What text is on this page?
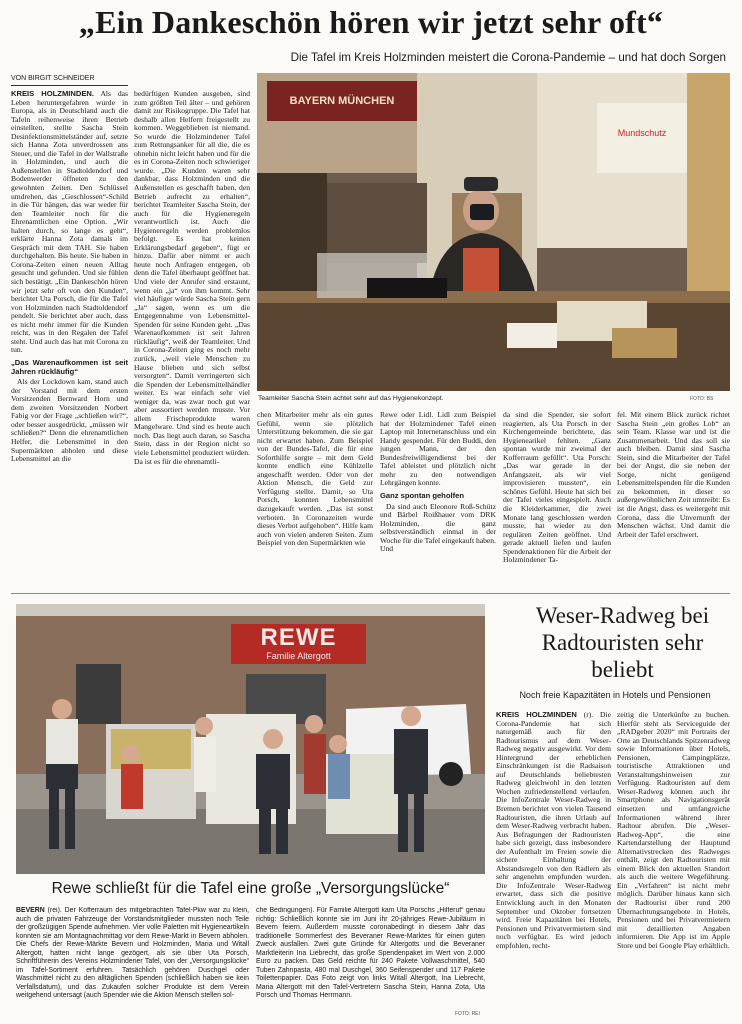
„Ein Dankeschön hören wir jetzt sehr oft“
Die Tafel im Kreis Holzminden meistert die Corona-Pandemie – und hat doch Sorgen
VON BIRGIT SCHNEIDER
BAYERN MÜNCHEN
Mundschutz
Teamleiter Sascha Stein achtet sehr auf das Hygienekonzept.	FOTO: BS

KREIS HOLZMINDEN. Als das Leben heruntergefahren wurde in Europa, als in Deutschland auch die Tafeln reihenweise ihren Betrieb einstellten, stellte Sascha Stein Desinfektionsmittelständer auf, setzte sich Hanna Zota unverdrossen ans Steuer, und die Tafel in der Wallstraße in Holzminden, und auch die Außenstellen in Stadtoldendorf und Bodenwerder öffneten zu den gewohnten Zeiten. Den Schlüssel umdrehen, das „Geschlossen“-Schild in die Tür hängen, das war weder für den Teamleiter noch für die Ehrenamtlichen eine Option. „Wir halten durch, so lange es geht“, erklärte Hanna Zota damals im Gespräch mit dem TAH. Sie haben durchgehalten. Bis heute. Sie haben in Corona-Zeiten einen neuen Alltag gesucht und gefunden. Und sie fühlen sich bestätigt. „Ein Dankeschön hören wir jetzt sehr oft von den Kunden“, berichtet Uta Porsch, die für die Tafel von Holzminden nach Stadtoldendorf pendelt. Sie berichtet aber auch, dass es nicht mehr immer für die Kunden reicht, was in den Regalen der Tafel steht. Und auch das hat mit Corona zu tun.

„Das Warenaufkommen ist seit Jahren rückläufig“

Als der Lockdown kam, stand auch der Vorstand mit dem ersten Vorsitzenden Bernward Horn und dem zweiten Vorsitzenden Norbert Fabig vor der Frage „schließen wir?“, oder besser ausgedrückt, „müssen wir schließen?“ Denn die ehrenamtlichen Helfer, die Lebensmittel in den Supermärkten abholen und diese Lebensmittel an die

bedürftigen Kunden ausgeben, sind zum größten Teil älter – und gehören damit zur Risikogruppe. Die Tafel hat deshalb allen Helfern freigestellt zu kommen. Weggeblieben ist niemand. So wurde die Holzmindener Tafel zum Rettungsanker für all die, die es ohnehin nicht leicht haben und für die es in Corona-Zeiten noch schwieriger wurde. „Die Kunden waren sehr dankbar, dass Holzminden und die Außenstellen es geschafft haben, den Betrieb aufrecht zu erhalten“, berichtet Teamleiter Sascha Stein, der auch für die Hygieneregeln verantwortlich ist. Auch die Hygieneregeln werden problemlos befolgt. Es hat keinen Erklärungsbedarf gegeben“, fügt er hinzu. Dafür aber nimmt er auch heute noch Anfragen entgegen, ob denn die Tafel überhaupt geöffnet hat. Und viele der Anrufer sind erstaunt, wenn ein „ja“ von ihm kommt. Sehr viel häufiger würde Sascha Stein gern „Ja“ sagen, wenn es um die Entgegennahme von Lebensmittel-Spenden für seine Kunden geht. „Das Warenaufkommen ist seit Jahren rückläufig“, weiß der Teamleiter. Und in Corona-Zeiten ging es noch mehr zurück, „weil viele Menschen zu Hause blieben und sich selbst versorgten“. Damit verringerten sich die Spenden der Lebensmittelhändler weiter. Es war einfach sehr viel weniger da, was zwar noch gut war aber aussortiert werden musste. Vor allem Frischeprodukte waren Mangelware. Und sind es heute auch noch. Das liegt auch daran, so Sascha Stein, dass in der Region nicht so viele Lebensmittel produziert würden. Da ist es für die ehrenamtli-

chen Mitarbeiter mehr als ein gutes Gefühl, wenn sie plötzlich Unterstützung bekommen, die sie gar nicht erwartet haben. Zum Beispiel von der Bundes-Tafel, die für eine Soforthilfe sorgte – mit dem Geld konnte endlich eine Kühlzelle angeschafft werden. Oder von der Aktion Mensch, die Geld zur Verfügung stellte. Damit, so Uta Porsch, konnten Lebensmittel dazugekauft werden. „Das ist sonst verboten. In Coronazeiten wurde dieses Verbot aufgehoben“. Hilfe kam auch von vielen anderen Seiten. Zum Beispiel von den Supermärkten wie

Rewe oder Lidl. Lidl zum Beispiel hat der Holzmindener Tafel einen Laptop mit Internetanschluss und ein Handy gespendet. Für den Buddi, den jungen Mann, der den Bundesfreiwilligendienst bei der Tafel ableistet und plötzlich nicht mehr zu den notwendigen Lehrgängen konnte.

Ganz spontan geholfen

Da sind auch Eleonore Roß-Schütz und Bärbel Roißhauer vom DRK Holzminden, die ganz selbstverständlich einmal in der Woche für die Tafel eingekauft haben. Und

da sind die Spender, sie sofort reagierten, als Uta Porsch in der Kirchengemeinde berichtete, das Hygienearikel fehlten. „Ganz spontan wurde mir zweimal der Kofferraum gefüllt“. Uta Porsch: „Das war gerade in der Anfangszeit, als wir viel improvisieren mussten“, ein schönes Gefühl. Heute hat sich bei der Tafel vieles eingespielt. Auch die Kleiderkammer, die zwei Monate lang geschlossen werden musste, hat wieder zu den regulären Zeiten geöffnet. Und gerade aktuell liefen und laufen Spendenaktionen für die Arbeit der Holzmindener Ta-

fel. Mit einem Blick zurück richtet Sascha Stein „ein großes Lob“ an sein Team. Klasse war und ist die Zusammenarbeit. Und das soll sie auch bleiben. Damit sind Sascha Stein, sind die Mitarbeiter der Tafel bei der Angst, die sie neben der Sorge, nicht genügend Lebensmittelspenden für die Kunden zu bekommen, in dieser so außergewöhnlichen Zeit umtreibt: Es ist die Angst, dass es weitergeht mit Corona, dass die Unvernunft der Menschen wächst. Und damit die Arbeit der Tafel erschwert.

REWE
Familie Altergott
Rewe schließt für die Tafel eine große „Versorgungslücke“

BEVERN (rei). Der Kofferraum des mitgebrachten Tafel-Pkw war zu klein, auch die privaten Fahrzeuge der Vorstandsmitglieder mussten noch Teile der großzügigen Spende aufnehmen. Vier volle Paletten mit Hygieneartikeln konnten sie am Montagnachmittag vor dem Rewe-Markt in Bevern abholen. Die Chefs der Rewe-Märkte Bevern und Holzminden, Maria und Witall Altergott, hatten nicht lange gezögert, als sie über Uta Porsch, Schriftführerin des Vereins Holzmindener Tafel, von der „Versorgungslücke“ im Tafel-Sortiment erfuhren. Tatsächlich gehören Duschgel oder Waschmittel nicht zu den alltäglichen Spenden (schließlich haben sie kein Verfallsdatum), und das Zukaufen solcher Produkte ist dem Verein weitgehend untersagt (auch Spender wie die Aktion Mensch stellen sol-

che Bedingungen). Für Familie Altergott kam Uta Porschs „Hilferuf“ genau richtig: Schließlich konnte sie im Juni ihr 20-jähriges Rewe-Jubiläum in Bevern feiern. Außerdem musste coronabedingt in diesem Jahr das traditionelle Sommerfest des Beveraner Rewe-Marktes für einen guten Zweck ausfallen. Zwei gute Gründe für Altergotts und die Beveraner Marktleiterin Ina Liebrecht, das große Spendenpaket im Wert von 2.000 Euro zu packen. Das Geld reichte für 240 Pakete Vollwaschmittel, 540 Tuben Zahnpasta, 480 mal Duschgel, 360 Seifenspender und 117 Pakete Toilettenpapier. Das Foto zeigt von links Witall Altergott, Ina Liebrecht, Maria Altergott mit den Tafel-Vertretern Sascha Stein, Hanna Zota, Uta Porsch und Thomas Herrmann.

FOTO: REI
Weser-Radweg bei Radtouristen sehr beliebt
Noch freie Kapazitäten in Hotels und Pensionen

KREIS HOLZMINDEN (r). Die Corona-Pandemie hat sich naturgemäß auch für den Radtourismus auf dem Weser-Radweg negativ ausgewirkt. Vor dem Hintergrund der erheblichen Einschränkungen ist die Radsaison auf Deutschlands beliebtesten Radweg gleichwohl in den letzten Wochen zufriedenstellend verlaufen. Die InfoZentrale Weser-Radweg in Bremen berichtet von vielen Tausend Radtouristen, die ihren Urlaub auf dem Weser-Radweg verbracht haben. Aus Befragungen der Radtouristen habe sich gezeigt, dass insbesondere der Aufenthalt im Freien sowie die sichere Einhaltung der Abstandsregeln von den Radlern als sehr angenehm empfunden wurden. Die InfoZentrale Weser-Radweg erwartet, dass sich die positive Entwicklung auch in den Monaten September und Oktober fortsetzen wird. Freie Kapazitäten bei Hotels, Pensionen und Privatvermietern sind noch verfügbar. Es wird jedoch empfohlen, recht-

zeitig die Unterkünfte zu buchen. Hierfür steht als Serviceguide der „RADgeber 2020“ mit Portraits der Orte an Deutschlands Spitzenradweg sowie Informationen über Hotels, Pensionen, Campingplätze, touristische Attraktionen und Veranstaltungshinweisen zur Verfügung. Radtouristen auf dem Weser-Radweg können auch ihr Smartphone als Navigationsgerät einsetzen und umfangreiche Informationen während ihrer Radtour abrufen. Die „Weser-Radweg-App“, die eine Kartendarstellung der Hauptund Alternativstrecken des Radweges enthält, zeigt den Radtouristen mit einem Blick den aktuellen Standort als auch die weitere Wegeführung. Ein „Verfahren“ ist nicht mehr möglich. Darüber hinaus kann sich der Radtourist über rund 200 Übernachtungsangebote in Hotels, Pensionen und bei Privatvermietern mit detaillierten Angaben informieren. Die App ist im Apple Store und bei Google Play erhältlich.
